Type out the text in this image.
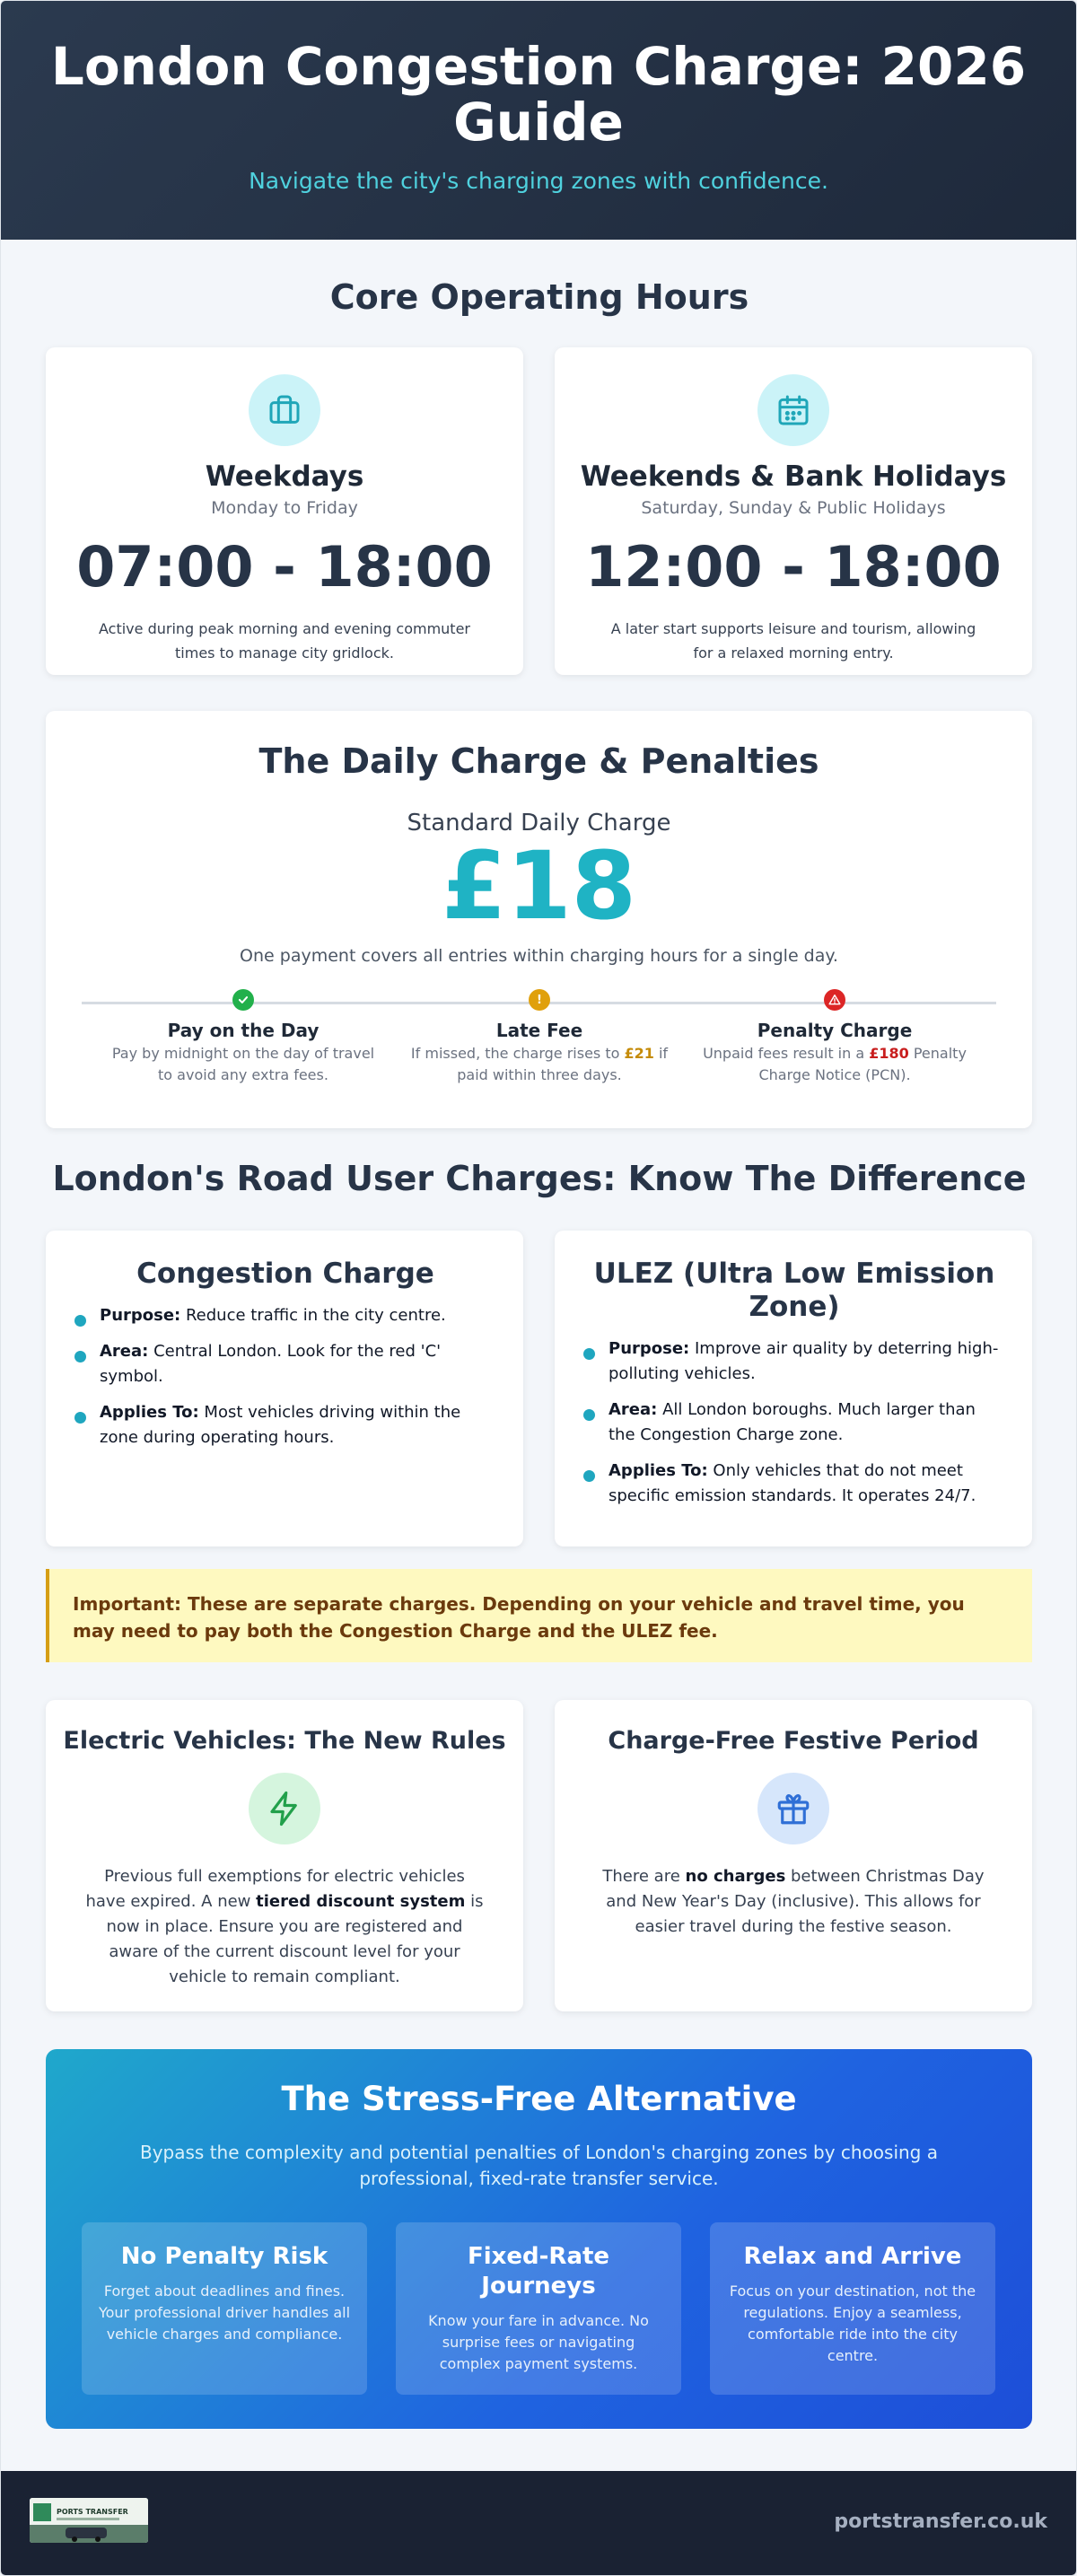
London Congestion Charge: 2026 Guide

Navigate the city's charging zones with confidence.

Core Operating Hours
Weekdays
Monday to Friday
07:00 - 18:00
Active during peak morning and evening commuter times to manage city gridlock.
Weekends & Bank Holidays
Saturday, Sunday & Public Holidays
12:00 - 18:00
A later start supports leisure and tourism, allowing for a relaxed morning entry.
The Daily Charge & Penalties
Standard Daily Charge
£18
One payment covers all entries within charging hours for a single day.
Pay on the Day

Pay by midnight on the day of travel to avoid any extra fees.

!
Late Fee

If missed, the charge rises to £21 if paid within three days.

Penalty Charge

Unpaid fees result in a £180 Penalty Charge Notice (PCN).

London's Road User Charges: Know The Difference
Congestion Charge
Purpose: Reduce traffic in the city centre.
Area: Central London. Look for the red 'C' symbol.
Applies To: Most vehicles driving within the zone during operating hours.
ULEZ (Ultra Low Emission Zone)
Purpose: Improve air quality by deterring high-polluting vehicles.
Area: All London boroughs. Much larger than the Congestion Charge zone.
Applies To: Only vehicles that do not meet specific emission standards. It operates 24/7.
Important: These are separate charges. Depending on your vehicle and travel time, you may need to pay both the Congestion Charge and the ULEZ fee.
Electric Vehicles: The New Rules

Previous full exemptions for electric vehicles have expired. A new tiered discount system is now in place. Ensure you are registered and aware of the current discount level for your vehicle to remain compliant.

Charge-Free Festive Period

There are no charges between Christmas Day and New Year's Day (inclusive). This allows for easier travel during the festive season.

The Stress-Free Alternative

Bypass the complexity and potential penalties of London's charging zones by choosing a professional, fixed-rate transfer service.

No Penalty Risk

Forget about deadlines and fines. Your professional driver handles all vehicle charges and compliance.

Fixed-Rate Journeys

Know your fare in advance. No surprise fees or navigating complex payment systems.

Relax and Arrive

Focus on your destination, not the regulations. Enjoy a seamless, comfortable ride into the city centre.

PORTS TRANSFER	portstransfer.co.uk
